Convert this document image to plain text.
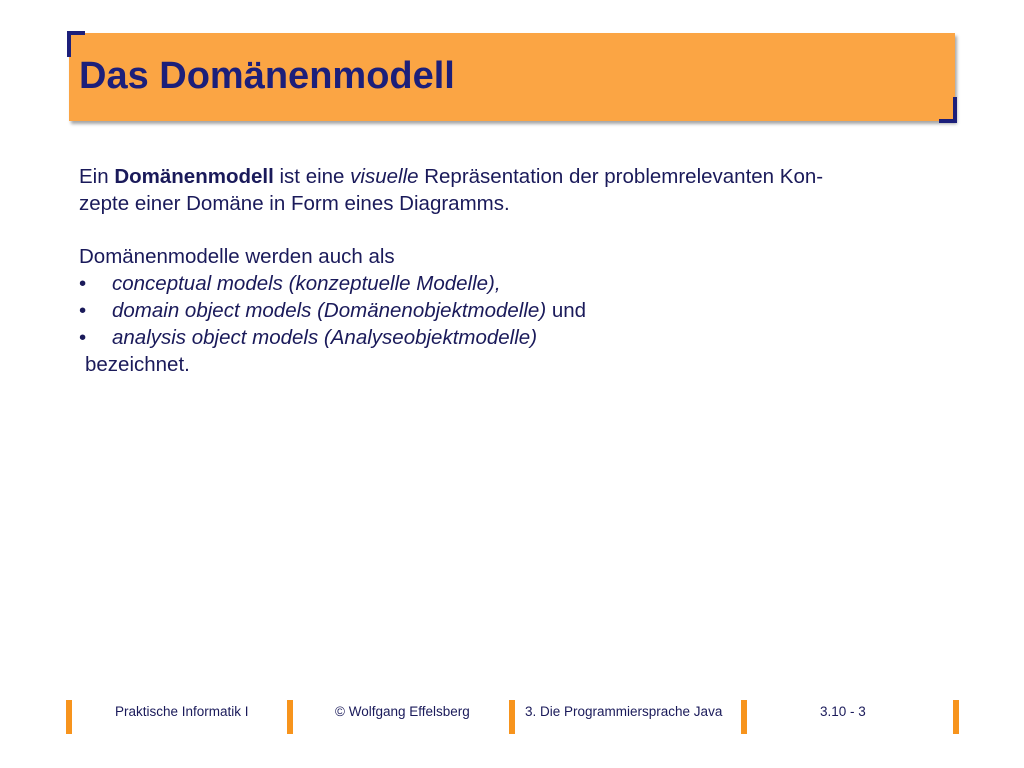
Das Domänenmodell

Ein Domänenmodell ist eine visuelle Repräsentation der problemrelevanten Kon-
zepte einer Domäne in Form eines Diagramms.

Domänenmodelle werden auch als

• conceptual models (konzeptuelle Modelle),
• domain object models (Domänenobjektmodelle) und
• analysis object models (Analyseobjektmodelle)

bezeichnet.

Praktische Informatik I	© Wolfgang Effelsberg	3. Die Programmiersprache Java	3.10 - 3
